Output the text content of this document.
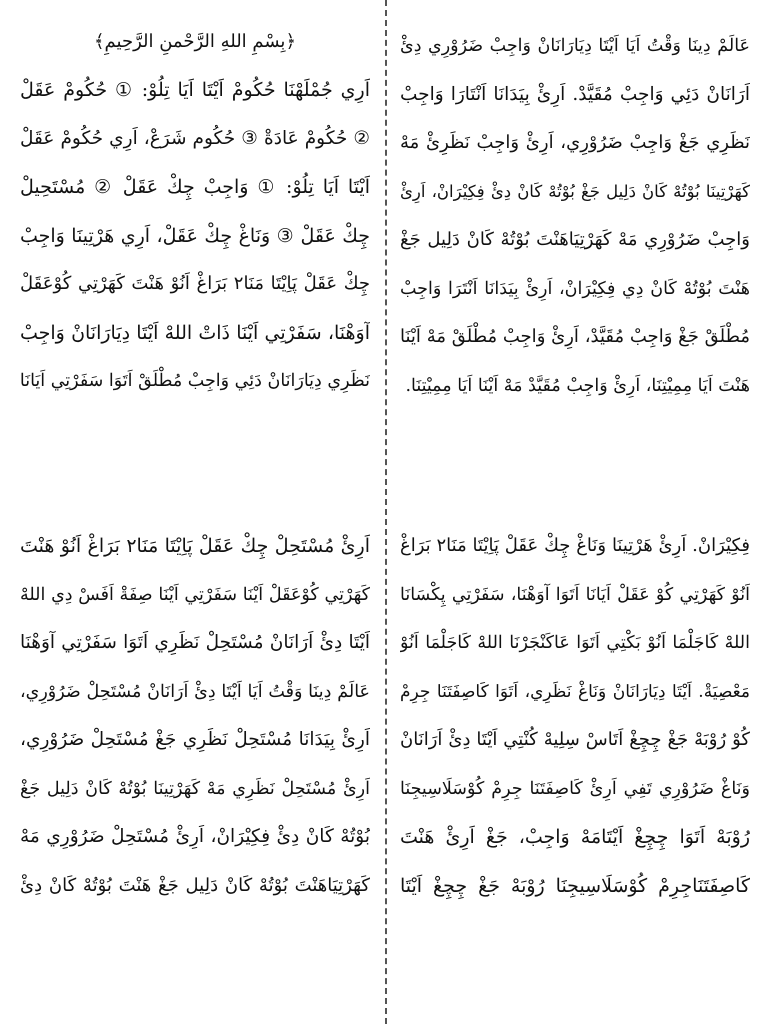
عَالَمْ دِينَا وَقْتُ اَيَا اَيْتَا دِيَارَانَانْ وَاجِبْ ضَرُوْرِي دِئْ
اَرَانَانْ دَئِي وَاجِبْ مُقَيَّدْ. اَرِئْ بِيَدَانَا اَنْتَارَا وَاجِبْ
نَظَرِي جَغْ وَاجِبْ ضَرُوْرِي، اَرِئْ وَاجِبْ نَظَرِئْ مَهْ
كَهَرْتِينَا بُوْتُهْ كَانْ دَلِيل جَغْ بُوْتُهْ كَانْ دِئْ فِكِيْرَانْ، اَرِئْ
وَاجِبْ ضَرُوْرِي مَهْ كَهَرْتِيَاهَنْتَ بُوْتُهْ كَانْ دَلِيل جَغْ
هَنْتَ بُوْتُهْ كَانْ دِي فِكِيْرَانْ، اَرِئْ بِيَدَانَا اَنْتَرَا وَاجِبْ
مُطْلَقْ جَغْ وَاجِبْ مُقَيَّدْ، اَرِئْ وَاجِبْ مُطْلَقْ مَهْ اَيْنَا
هَنْتَ اَيَا مِمِيْتِنَا، اَرِئْ وَاجِبْ مُقَيَّدْ مَهْ اَيْنَا اَيَا مِمِيْتِنَا.
﴿بِسْمِ اللهِ الرَّحْمنِ الرَّحِيمِ﴾
اَرِي جُمْلَهْنَا حُكُومْ اَيْتَا اَيَا تِلُوْ: ① حُكُومْ عَقَلْ
② حُكُومْ عَادَةْ ③ حُكُوم شَرَعْ، اَرِي حُكُومْ عَقَلْ
اَيْتَا اَيَا تِلُوْ: ① وَاجِبْ چِكْ عَقَلْ ② مُسْتَحِيلْ
چِكْ عَقَلْ ③ وَنَاغْ چِكْ عَقَلْ، اَرِي هَرْتِينَا وَاجِبْ
چِكْ عَقَلْ پَاِيْتَا مَنَا٢ بَرَاغْ اَنُوْ هَنْتَ كَهَرْتِي كُوْعَقَلْ
آوَهْنَا، سَفَرْتِي اَيْنَا ذَاتْ اللهْ اَيْتَا دِيَارَانَانْ وَاجِبْ
نَظَرِي دِيَارَانَانْ دَئِي وَاجِبْ مُطْلَقْ اَتَوَا سَفَرْتِي اَيَانَا
فِكِيْرَانْ. اَرِئْ هَرْتِينَا وَنَاغْ چِكْ عَقَلْ پَاِيْتَا مَنَا٢ بَرَاغْ
اَنُوْ كَهَرْتِي كُوْ عَقَلْ اَيَانَا اَتَوَا آوَهْنَا، سَفَرْتِي پِكْسَانَا
اللهْ كَاجَلْمَا اَنُوْ بَكْتِي اَتَوَا عَاكَنْجَرْنَا اللهْ كَاجَلْمَا اَنُوْ
مَعْصِيَةْ. اَيْتَا دِيَارَانَانْ وَنَاغْ نَظَرِي، اَتَوَا كَاصِفَتَنَا جِرِمْ
كُوْ رُوْبَهْ جَغْ چِچِغْ اَتَاسْ سِلِيهْ كُنْتِي اَيْتَا دِئْ اَرَانَانْ
وَنَاغْ ضَرُوْرِي تَفِي اَرِئْ كَاصِفَتَنَا جِرِمْ كُوْسَلَاسِيجِنَا
رُوْبَهْ اَتَوَا چِچِغْ اَيْتَامَهْ وَاجِبْ، جَغْ اَرِئْ هَنْتَ
كَاصِفَتَنَاجِرِمْ كُوْسَلَاسِيجِنَا رُوْبَهْ جَغْ چِچِغْ اَيْتَا
اَرِئْ مُسْتَحِلْ چِكْ عَقَلْ پَاِيْتَا مَنَا٢ بَرَاغْ اَنُوْ هَنْتَ
كَهَرْتِي كُوْعَقَلْ اَيْنَا سَفَرْتِي اَيْنَا صِفَةْ اَفَسْ دِي اللهْ
اَيْتَا دِئْ اَرَانَانْ مُسْتَحِلْ نَظَرِي اَتَوَا سَفَرْتِي آوَهْنَا
عَالَمْ دِينَا وَقْتُ اَيَا اَيْتَا دِئْ اَرَانَانْ مُسْتَحِلْ ضَرُوْرِي،
اَرِئْ بِيَدَانَا مُسْتَحِلْ نَظَرِي جَغْ مُسْتَحِلْ ضَرُوْرِي،
اَرِئْ مُسْتَحِلْ نَظَرِي مَهْ كَهَرْتِينَا بُوْتُهْ كَانْ دَلِيل جَغْ
بُوْتُهْ كَانْ دِئْ فِكِيْرَانْ، اَرِئْ مُسْتَحِلْ ضَرُوْرِي مَهْ
كَهَرْتِيَاهَنْتَ بُوْتُهْ كَانْ دَلِيل جَغْ هَنْتَ بُوْتُهْ كَانْ دِئْ
